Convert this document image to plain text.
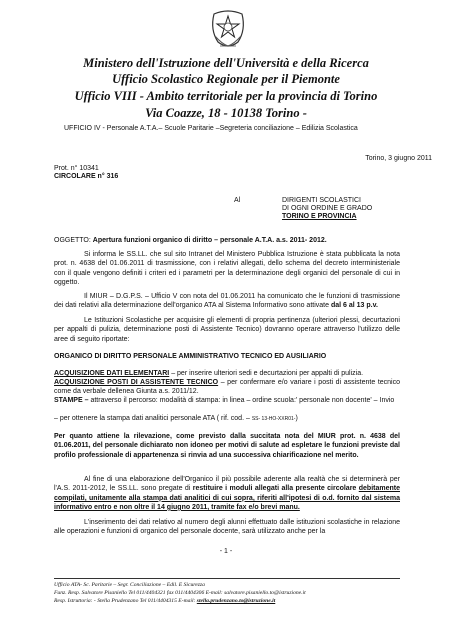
Ministero dell'Istruzione dell'Università e della Ricerca
Ufficio Scolastico Regionale per il Piemonte
Ufficio VIII - Ambito territoriale per la provincia di Torino
Via Coazze, 18 - 10138 Torino -
UFFICIO IV - Personale A.T.A.– Scuole Paritarie –Segreteria conciliazione – Edilizia Scolastica
Torino, 3 giugno 2011
Prot. n° 10341
CIRCOLARE n° 316
Al	DIRIGENTI SCOLASTICI
DI OGNI ORDINE E GRADO
TORINO E PROVINCIA
OGGETTO: Apertura funzioni organico di diritto – personale A.T.A. a.s. 2011- 2012.
Si informa le SS.LL. che sul sito Intranet del Ministero Pubblica Istruzione è stata pubblicata la nota prot. n. 4638 del 01.06.2011 di trasmissione, con i relativi allegati, dello schema del decreto interministeriale con il quale vengono definiti i criteri ed i parametri per la determinazione degli organici del personale di cui in oggetto.
Il MIUR – D.G.P.S. – Ufficio V con nota del 01.06.2011 ha comunicato che le funzioni di trasmissione dei dati relativi alla determinazione dell'organico ATA al Sistema Informativo sono attivate dal 6 al 13 p.v.
Le Istituzioni Scolastiche per acquisire gli elementi di propria pertinenza (ulteriori plessi, decurtazioni per appalti di pulizia, determinazione posti di Assistente Tecnico) dovranno operare attraverso l'utilizzo delle aree di seguito riportate:
ORGANICO DI DIRITTO PERSONALE AMMINISTRATIVO TECNICO ED AUSILIARIO
ACQUISIZIONE DATI ELEMENTARI – per inserire ulteriori sedi e decurtazioni per appalti di pulizia.
ACQUISIZIONE POSTI DI ASSISTENTE TECNICO – per confermare e/o variare i posti di assistente tecnico come da verbale dellenea Giunta a.s. 2011/12.
STAMPE – attraverso il percorso: modalità di stampa: in linea – ordine scuola:' personale non docente' – Invio
– per ottenere la stampa dati analitici personale ATA ( rif. cod. – SS- 13-HO-XXR01-)
Per quanto attiene la rilevazione, come previsto dalla succitata nota del MIUR prot. n. 4638 del 01.06.2011, del personale dichiarato non idoneo per motivi di salute ad espletare le funzioni previste dal profilo professionale di appartenenza si rinvia ad una successiva chiarificazione nel merito.
Al fine di una elaborazione dell'Organico il più possibile aderente alla realtà che si determinerà per l'A.S. 2011-2012, le SS.LL. sono pregate di restituire i moduli allegati alla presente circolare debitamente compilati, unitamente alla stampa dati analitici di cui sopra, riferiti all'ipotesi di o.d. fornito dal sistema informativo entro e non oltre il 14 giugno 2011, tramite fax e/o brevi manu.
L'inserimento dei dati relativo al numero degli alunni effettuato dalle istituzioni scolastiche in relazione alle operazioni e funzioni di organico del personale docente, sarà utilizzato anche per la
- 1 -
Ufficio ATA- Sc. Paritarie – Segr. Conciliazione – Edil. E Sicurezza
Funz. Resp. Salvatore Pisaniello Tel 011/4404321 fax 011/4404306 E-mail: salvatore.pisaniello.to@istruzione.it
Resp. Istruttoria: - Stella Prudenzano Tel 011/4404315 E-mail: stella.prudenzano.to@istruzione.it
